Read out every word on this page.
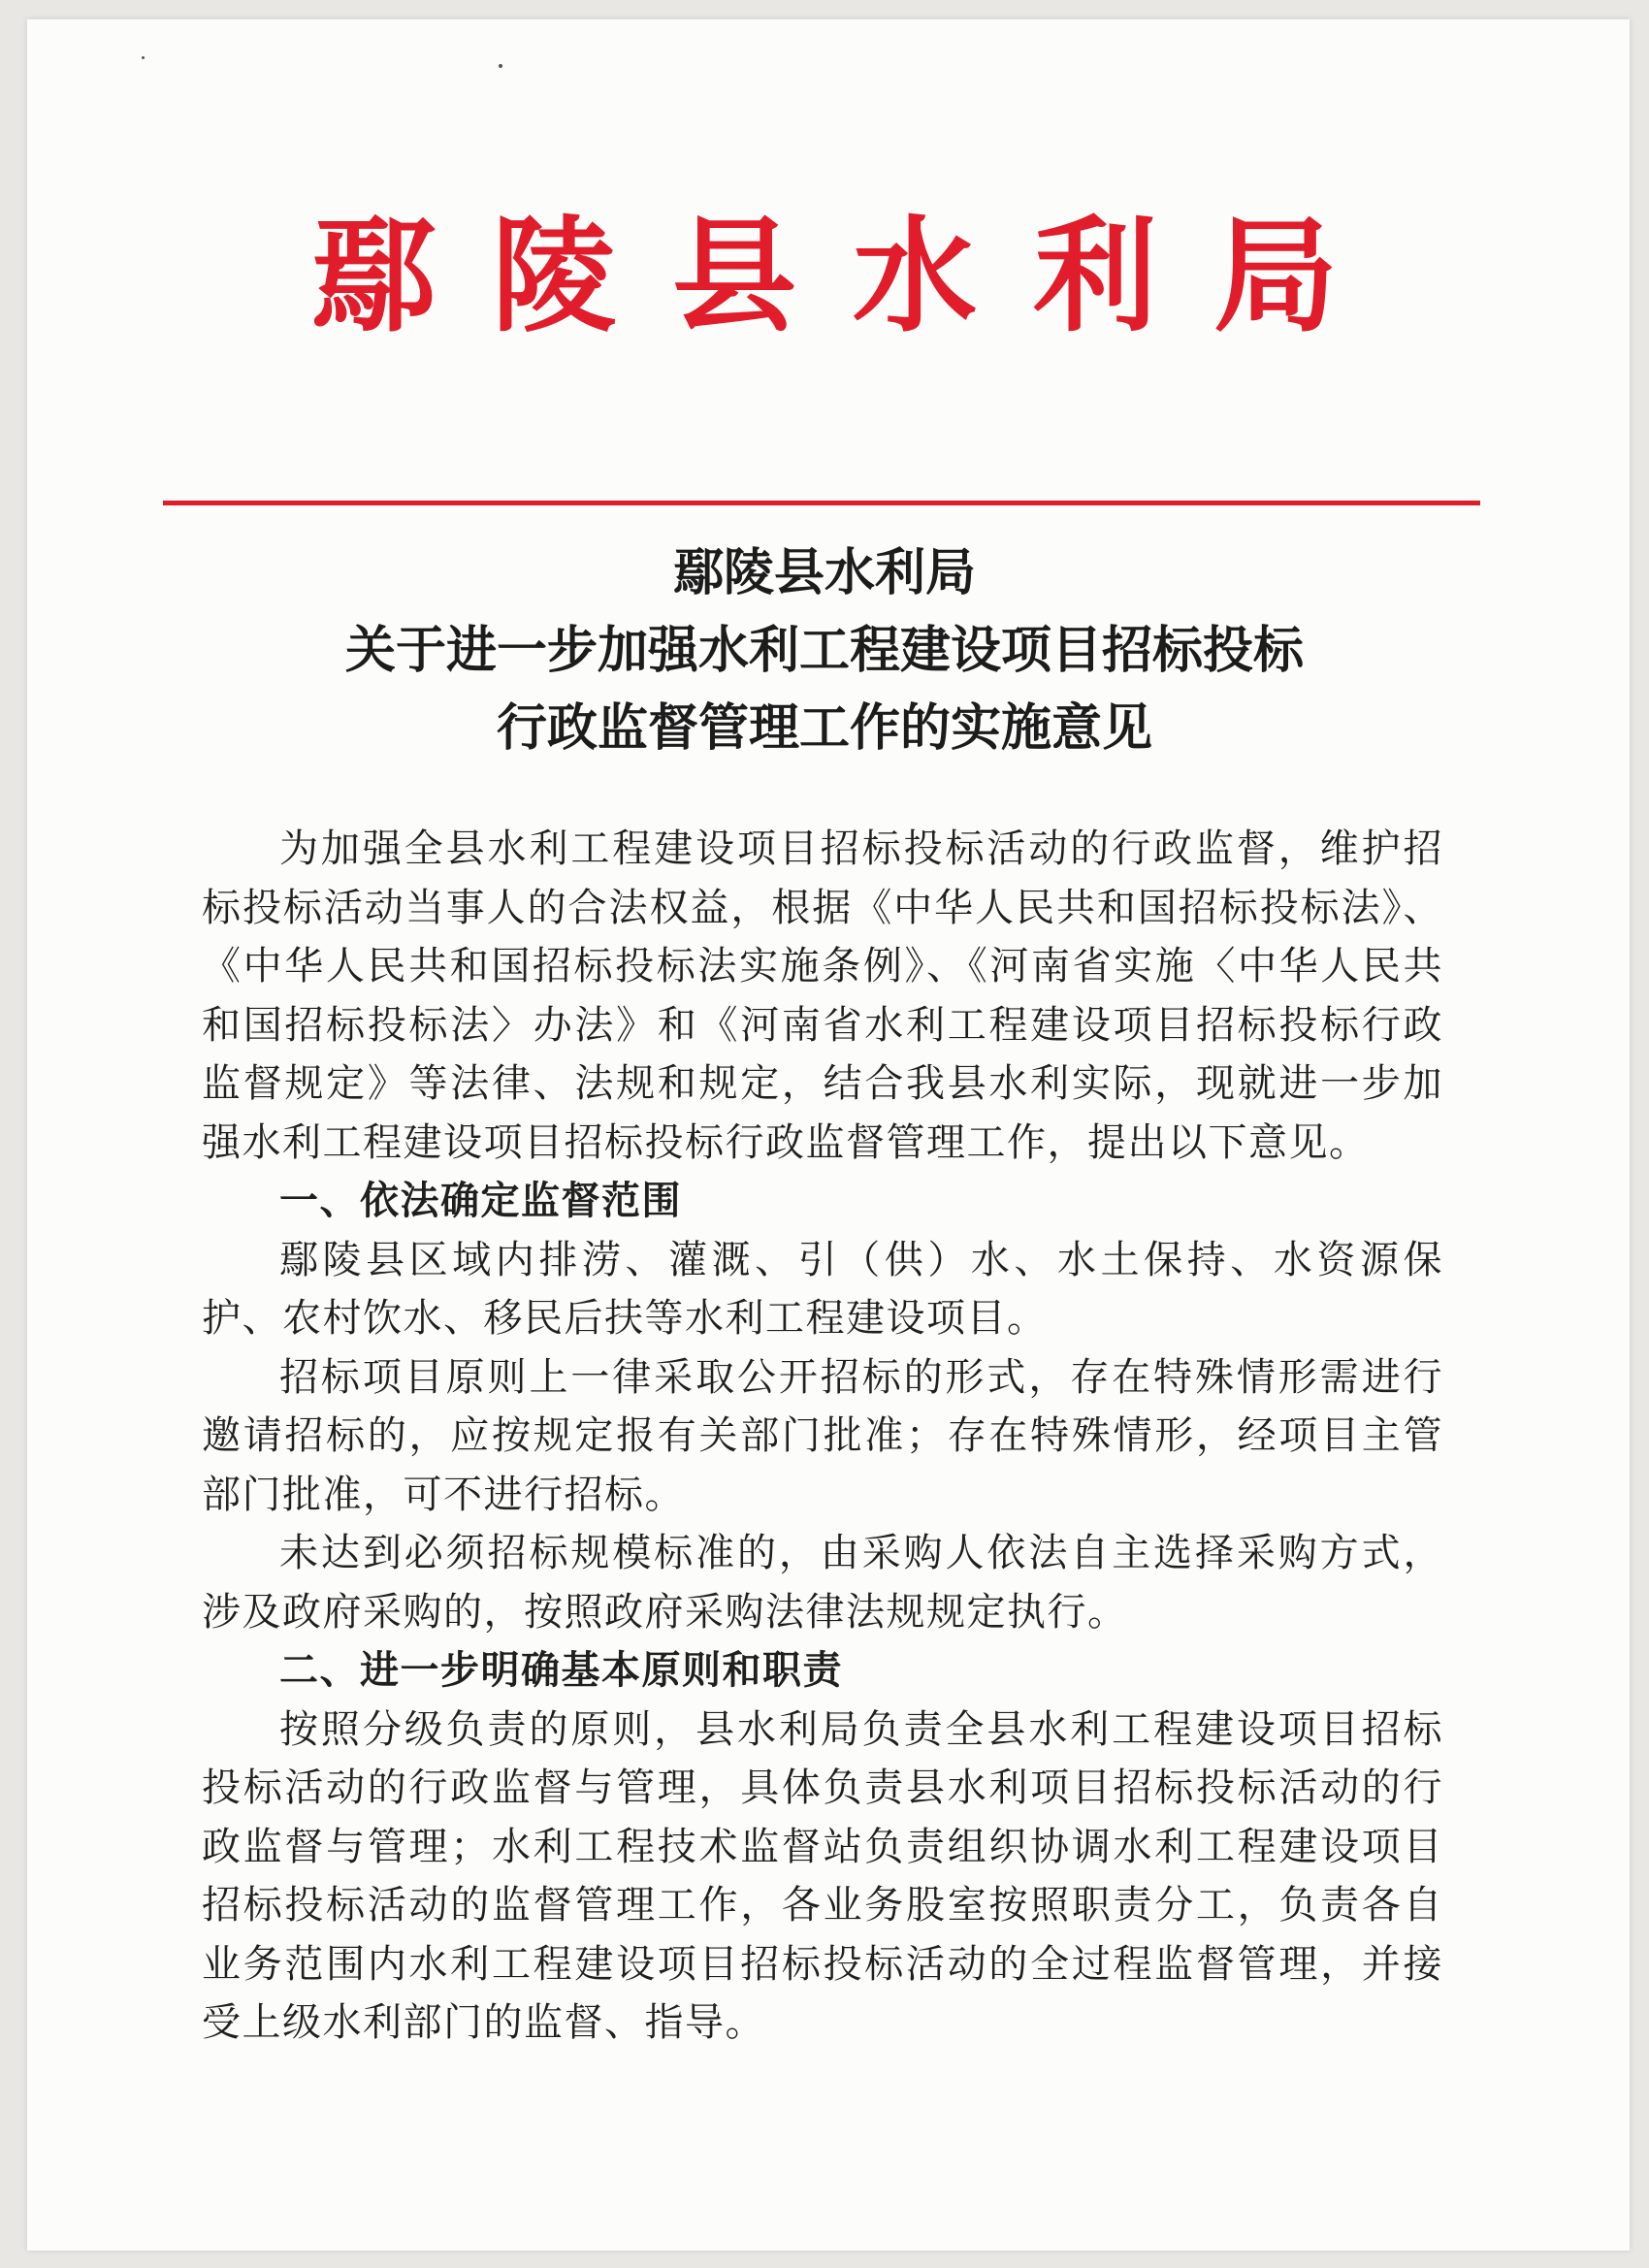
鄢陵县水利局
鄢陵县水利局
关于进一步加强水利工程建设项目招标投标
行政监督管理工作的实施意见

为加强全县水利工程建设项目招标投标活动的行政监督，维护招标投标活动当事人的合法权益，根据《中华人民共和国招标投标法》、《中华人民共和国招标投标法实施条例》、《河南省实施〈中华人民共和国招标投标法〉办法》和《河南省水利工程建设项目招标投标行政监督规定》等法律、法规和规定，结合我县水利实际，现就进一步加强水利工程建设项目招标投标行政监督管理工作，提出以下意见。

一、依法确定监督范围

鄢陵县区域内排涝、灌溉、引（供）水、水土保持、水资源保护、农村饮水、移民后扶等水利工程建设项目。

招标项目原则上一律采取公开招标的形式，存在特殊情形需进行邀请招标的，应按规定报有关部门批准；存在特殊情形，经项目主管部门批准，可不进行招标。

未达到必须招标规模标准的，由采购人依法自主选择采购方式，涉及政府采购的，按照政府采购法律法规规定执行。

二、进一步明确基本原则和职责

按照分级负责的原则，县水利局负责全县水利工程建设项目招标投标活动的行政监督与管理，具体负责县水利项目招标投标活动的行政监督与管理；水利工程技术监督站负责组织协调水利工程建设项目招标投标活动的监督管理工作，各业务股室按照职责分工，负责各自业务范围内水利工程建设项目招标投标活动的全过程监督管理，并接受上级水利部门的监督、指导。
